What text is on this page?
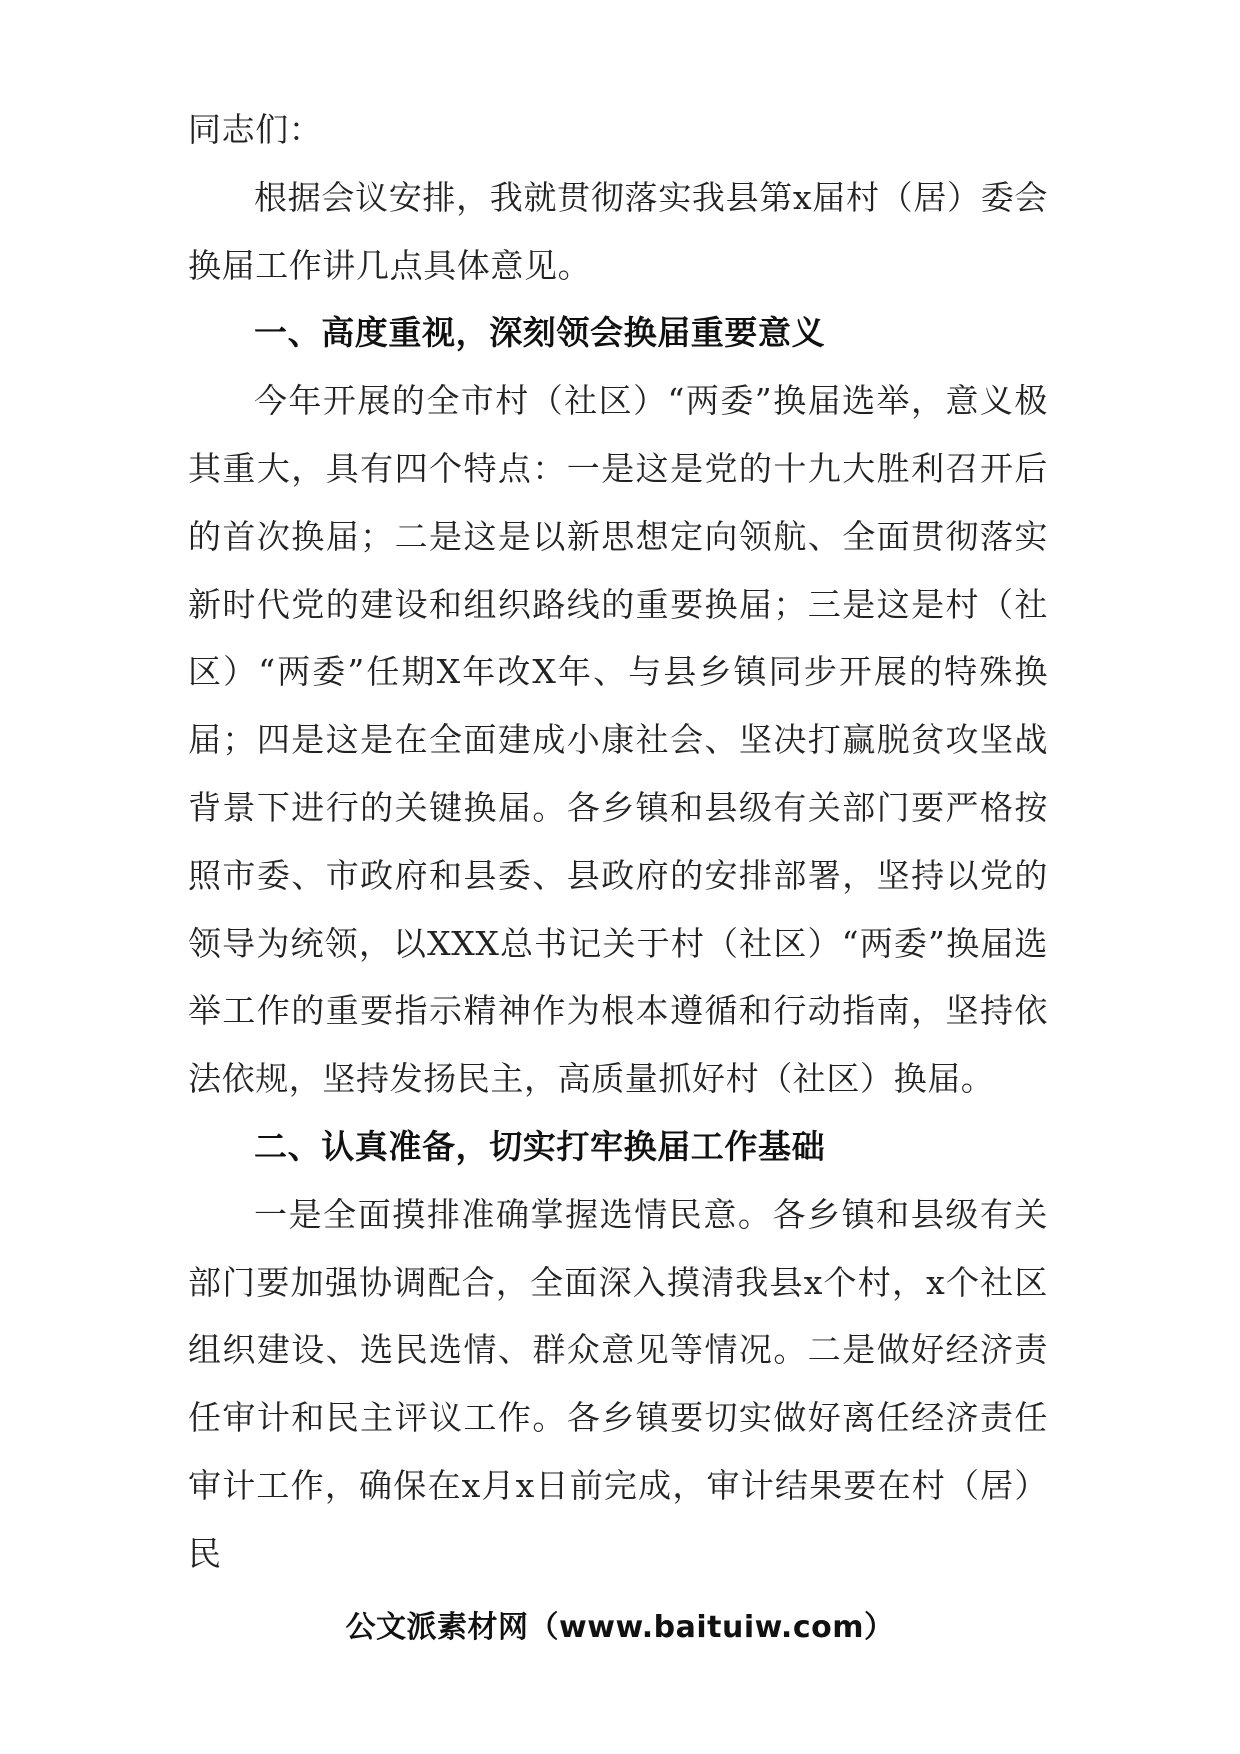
同志们：

根据会议安排，我就贯彻落实我县第x届村（居）委会换届工作讲几点具体意见。

一、高度重视，深刻领会换届重要意义

今年开展的全市村（社区）“两委”换届选举，意义极其重大，具有四个特点：一是这是党的十九大胜利召开后的首次换届；二是这是以新思想定向领航、全面贯彻落实新时代党的建设和组织路线的重要换届；三是这是村（社区）“两委”任期X年改X年、与县乡镇同步开展的特殊换届；四是这是在全面建成小康社会、坚决打赢脱贫攻坚战背景下进行的关键换届。各乡镇和县级有关部门要严格按照市委、市政府和县委、县政府的安排部署，坚持以党的领导为统领，以XXX总书记关于村（社区）“两委”换届选举工作的重要指示精神作为根本遵循和行动指南，坚持依法依规，坚持发扬民主，高质量抓好村（社区）换届。

二、认真准备，切实打牢换届工作基础

一是全面摸排准确掌握选情民意。各乡镇和县级有关部门要加强协调配合，全面深入摸清我县x个村，x个社区组织建设、选民选情、群众意见等情况。二是做好经济责任审计和民主评议工作。各乡镇要切实做好离任经济责任审计工作，确保在x月x日前完成，审计结果要在村（居）民

公文派素材网（www.baituiw.com）
